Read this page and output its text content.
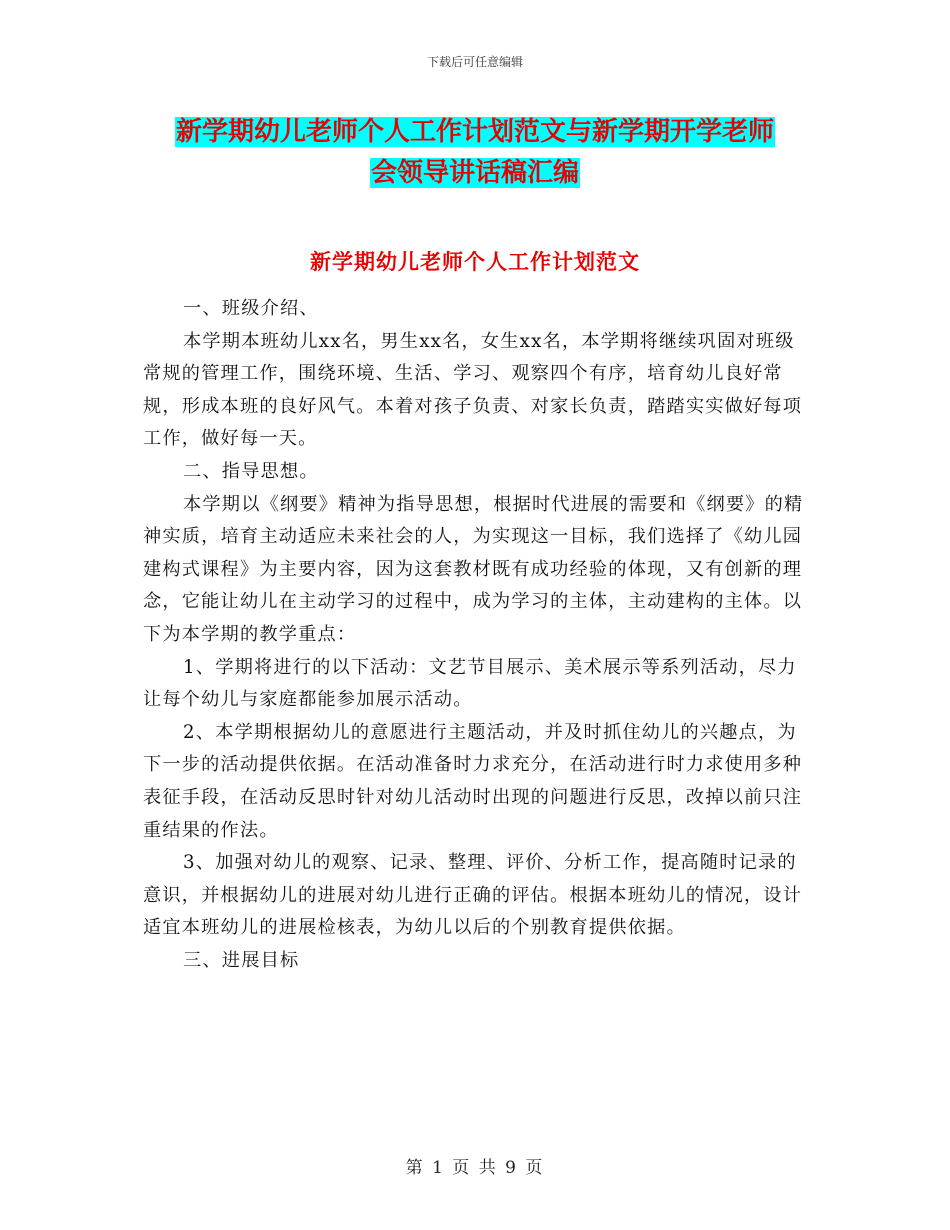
下载后可任意编辑
新学期幼儿老师个人工作计划范文与新学期开学老师
会领导讲话稿汇编
新学期幼儿老师个人工作计划范文

一、班级介绍、

本学期本班幼儿xx名，男生xx名，女生xx名，本学期将继续巩固对班级常规的管理工作，围绕环境、生活、学习、观察四个有序，培育幼儿良好常规，形成本班的良好风气。本着对孩子负责、对家长负责，踏踏实实做好每项工作，做好每一天。

二、指导思想。

本学期以《纲要》精神为指导思想，根据时代进展的需要和《纲要》的精神实质，培育主动适应未来社会的人，为实现这一目标，我们选择了《幼儿园建构式课程》为主要内容，因为这套教材既有成功经验的体现，又有创新的理念，它能让幼儿在主动学习的过程中，成为学习的主体，主动建构的主体。以下为本学期的教学重点：

1、学期将进行的以下活动：文艺节目展示、美术展示等系列活动，尽力让每个幼儿与家庭都能参加展示活动。

2、本学期根据幼儿的意愿进行主题活动，并及时抓住幼儿的兴趣点，为下一步的活动提供依据。在活动准备时力求充分，在活动进行时力求使用多种表征手段，在活动反思时针对幼儿活动时出现的问题进行反思，改掉以前只注重结果的作法。

3、加强对幼儿的观察、记录、整理、评价、分析工作，提高随时记录的意识，并根据幼儿的进展对幼儿进行正确的评估。根据本班幼儿的情况，设计适宜本班幼儿的进展检核表，为幼儿以后的个别教育提供依据。

三、进展目标

第 1 页 共 9 页
